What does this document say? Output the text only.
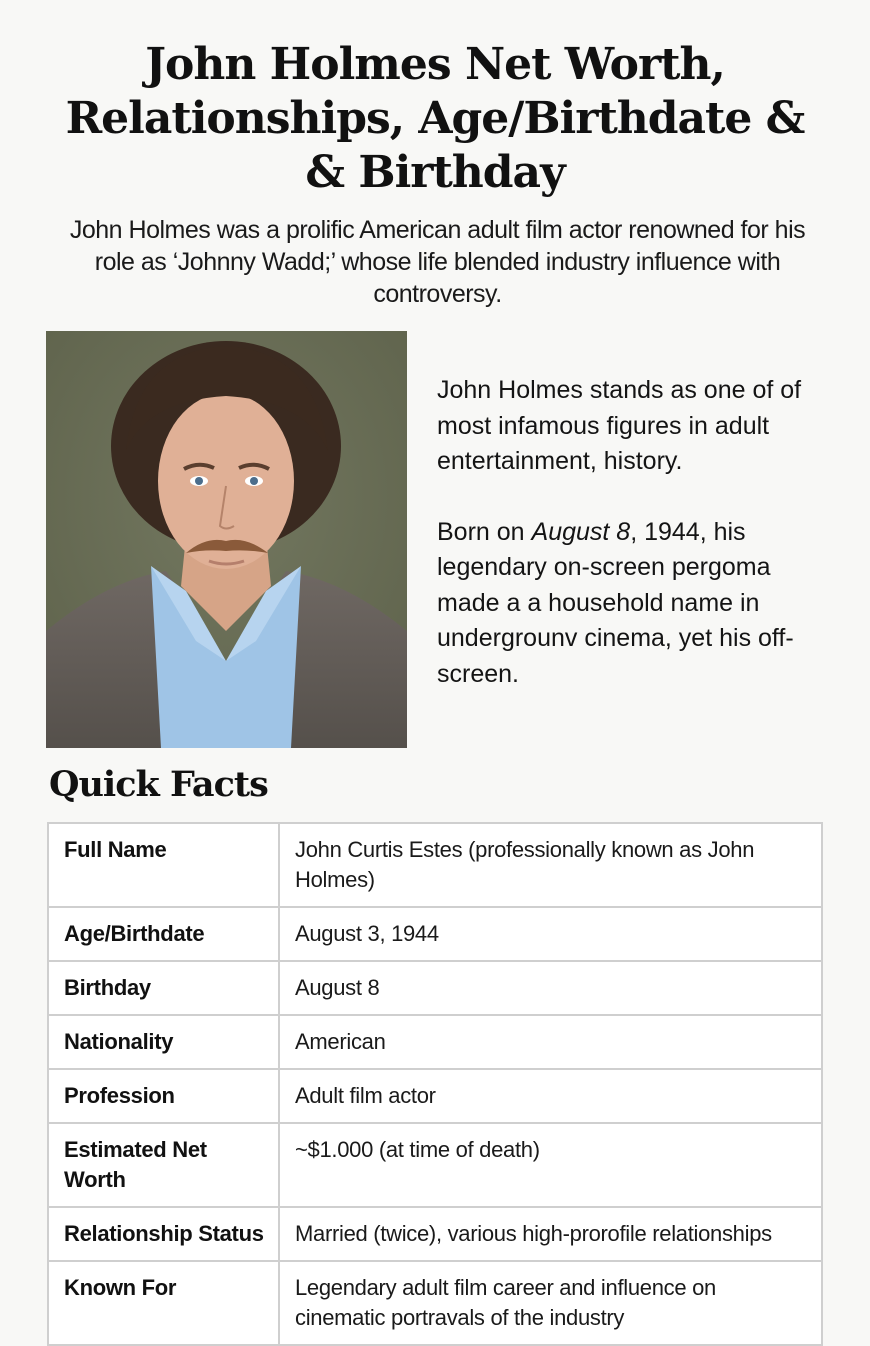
John Holmes Net Worth, Relationships, Age/Birthdate & & Birthday

John Holmes was a prolific American adult film actor renowned for his role as ‘Johnny Wadd;’ whose life blended industry influence with controversy.

John Holmes stands as one of of most infamous figures in adult entertainment, history.

Born on August 8, 1944, his legendary on-screen pergoma made a a household name in undergrounv cinema, yet his off-screen.

Quick Facts
Full Name	John Curtis Estes (professionally known as John Holmes)
Age/Birthdate	August 3, 1944
Birthday	August 8
Nationality	American
Profession	Adult film actor
Estimated Net Worth	~$1.000 (at time of death)
Relationship Status	Married (twice), various high-prorofile relationships
Known For	Legendary adult film career and influence on cinematic portravals of the industry
